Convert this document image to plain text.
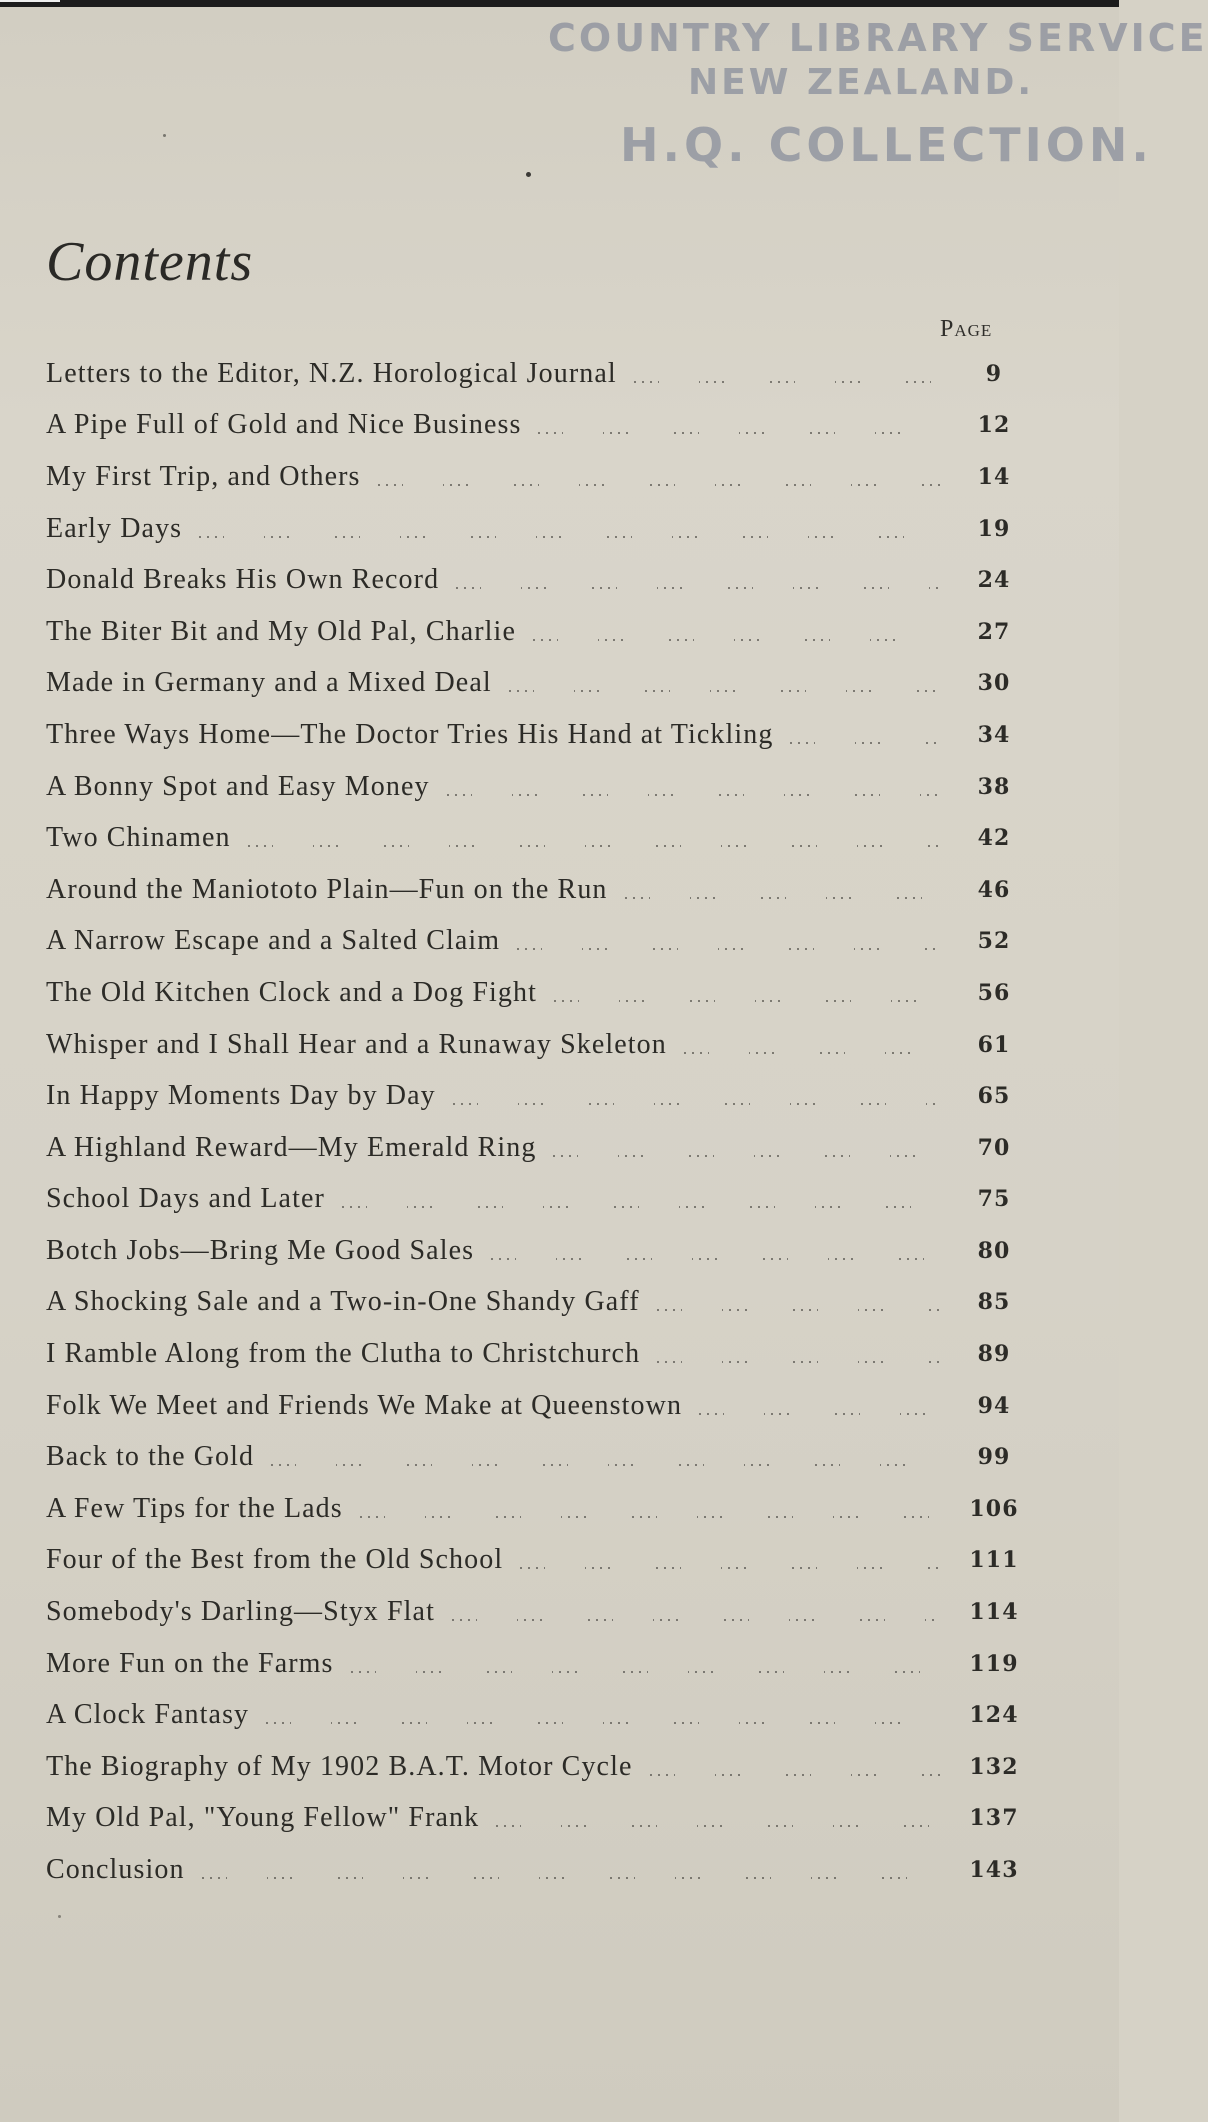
COUNTRY LIBRARY SERVICE
NEW ZEALAND.
H.Q. COLLECTION.
Contents
Page
Letters to the Editor, N.Z. Horological Journal	9
A Pipe Full of Gold and Nice Business	12
My First Trip, and Others	14
Early Days	19
Donald Breaks His Own Record	24
The Biter Bit and My Old Pal, Charlie	27
Made in Germany and a Mixed Deal	30
Three Ways Home—The Doctor Tries His Hand at Tickling	34
A Bonny Spot and Easy Money	38
Two Chinamen	42
Around the Maniototo Plain—Fun on the Run	46
A Narrow Escape and a Salted Claim	52
The Old Kitchen Clock and a Dog Fight	56
Whisper and I Shall Hear and a Runaway Skeleton	61
In Happy Moments Day by Day	65
A Highland Reward—My Emerald Ring	70
School Days and Later	75
Botch Jobs—Bring Me Good Sales	80
A Shocking Sale and a Two-in-One Shandy Gaff	85
I Ramble Along from the Clutha to Christchurch	89
Folk We Meet and Friends We Make at Queenstown	94
Back to the Gold	99
A Few Tips for the Lads	106
Four of the Best from the Old School	111
Somebody's Darling—Styx Flat	114
More Fun on the Farms	119
A Clock Fantasy	124
The Biography of My 1902 B.A.T. Motor Cycle	132
My Old Pal, "Young Fellow" Frank	137
Conclusion	143
